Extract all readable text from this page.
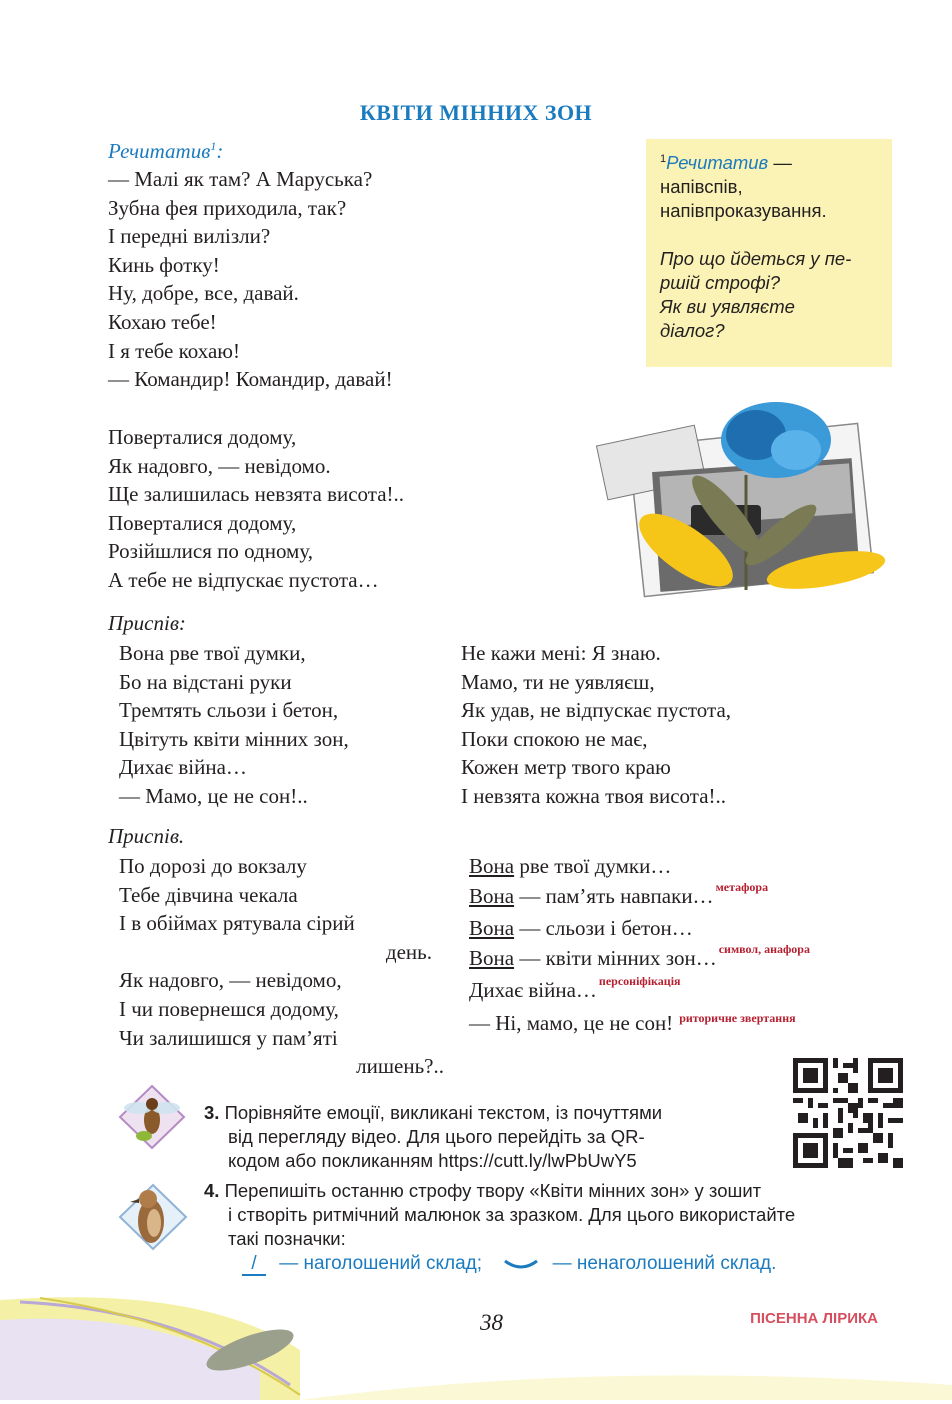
КВІТИ МІННИХ ЗОН
Речитатив$^1$:
— Малі як там? А Маруська?
Зубна фея приходила, так?
І передні вилізли?
Кинь фотку!
Ну, добре, все, давай.
Кохаю тебе!
І я тебе кохаю!
— Командир! Командир, давай!

$^1$Речитатив —

напівспів,

напівпроказування.

Про що йдеться у пе-

ршій строфі?

Як ви уявляєте

діалог?

Поверталися додому,
Як надовго, — невідомо.
Ще залишилась невзята висота!..
Поверталися додому,
Розійшлися по одному,
А тебе не відпускає пустота…
Приспів:
Вона рве твої думки,
Бо на відстані руки
Тремтять сльози і бетон,
Цвітуть квіти мінних зон,
Дихає війна…
— Мамо, це не сон!..
Не кажи мені: Я знаю.
Мамо, ти не уявляєш,
Як удав, не відпускає пустота,
Поки спокою не має,
Кожен метр твого краю
І невзята кожна твоя висота!..
Приспів.
По дорозі до вокзалу
Тебе дівчина чекала
І в обіймах рятувала сірий
день.
Як надовго, — невідомо,
І чи повернешся додому,
Чи залишишся у пам’яті
лишень?..
Вона рве твої думки…
Вона — пам’ять навпаки… $^{метафора}$
Вона — сльози і бетон…
Вона — квіти мінних зон… $^{символ, анафора}$
Дихає війна… $^{персоніфікація}$
— Ні, мамо, це не сон! $^{риторичне звертання}$
3. Порівняйте емоції, викликані текстом, із почуттями
від перегляду відео. Для цього перейдіть за QR-
кодом або покликанням https://cutt.ly/lwPbUwY5
4. Перепишіть останню строфу твору «Квіти мінних зон» у зошит
і створіть ритмічний малюнок за зразком. Для цього використайте
такі позначки:
/ — наголошений склад;	— ненаголошений склад.
38	ПІСЕННА ЛІРИКА
